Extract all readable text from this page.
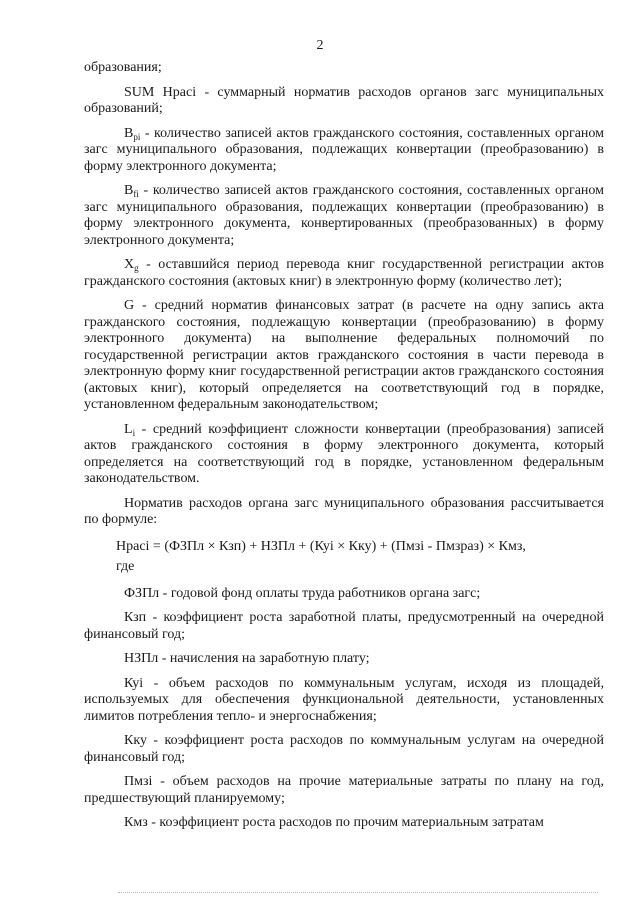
2

образования;

SUM Нрасі - суммарный норматив расходов органов загс муниципальных образований;

$В_{рі}$ - количество записей актов гражданского состояния, составленных органом загс муниципального образования, подлежащих конвертации (преобразованию) в форму электронного документа;

$В_{fi}$ - количество записей актов гражданского состояния, составленных органом загс муниципального образования, подлежащих конвертации (преобразованию) в форму электронного документа, конвертированных (преобразованных) в форму электронного документа;

$Х_g$ - оставшийся период перевода книг государственной регистрации актов гражданского состояния (актовых книг) в электронную форму (количество лет);

G - средний норматив финансовых затрат (в расчете на одну запись акта гражданского состояния, подлежащую конвертации (преобразованию) в форму электронного документа) на выполнение федеральных полномочий по государственной регистрации актов гражданского состояния в части перевода в электронную форму книг государственной регистрации актов гражданского состояния (актовых книг), который определяется на соответствующий год в порядке, установленном федеральным законодательством;

$L_i$ - средний коэффициент сложности конвертации (преобразования) записей актов гражданского состояния в форму электронного документа, который определяется на соответствующий год в порядке, установленном федеральным законодательством.

Норматив расходов органа загс муниципального образования рассчитывается по формуле:

Нрасі = (ФЗПл × Кзп) + НЗПл + (Куі × Кку) + (Пмзі - Пмзраз) × Кмз,
где

ФЗПл - годовой фонд оплаты труда работников органа загс;

Кзп - коэффициент роста заработной платы, предусмотренный на очередной финансовый год;

НЗПл - начисления на заработную плату;

Куі - объем расходов по коммунальным услугам, исходя из площадей, используемых для обеспечения функциональной деятельности, установленных лимитов потребления тепло- и энергоснабжения;

Кку - коэффициент роста расходов по коммунальным услугам на очередной финансовый год;

Пмзі - объем расходов на прочие материальные затраты по плану на год, предшествующий планируемому;

Кмз - коэффициент роста расходов по прочим материальным затратам
